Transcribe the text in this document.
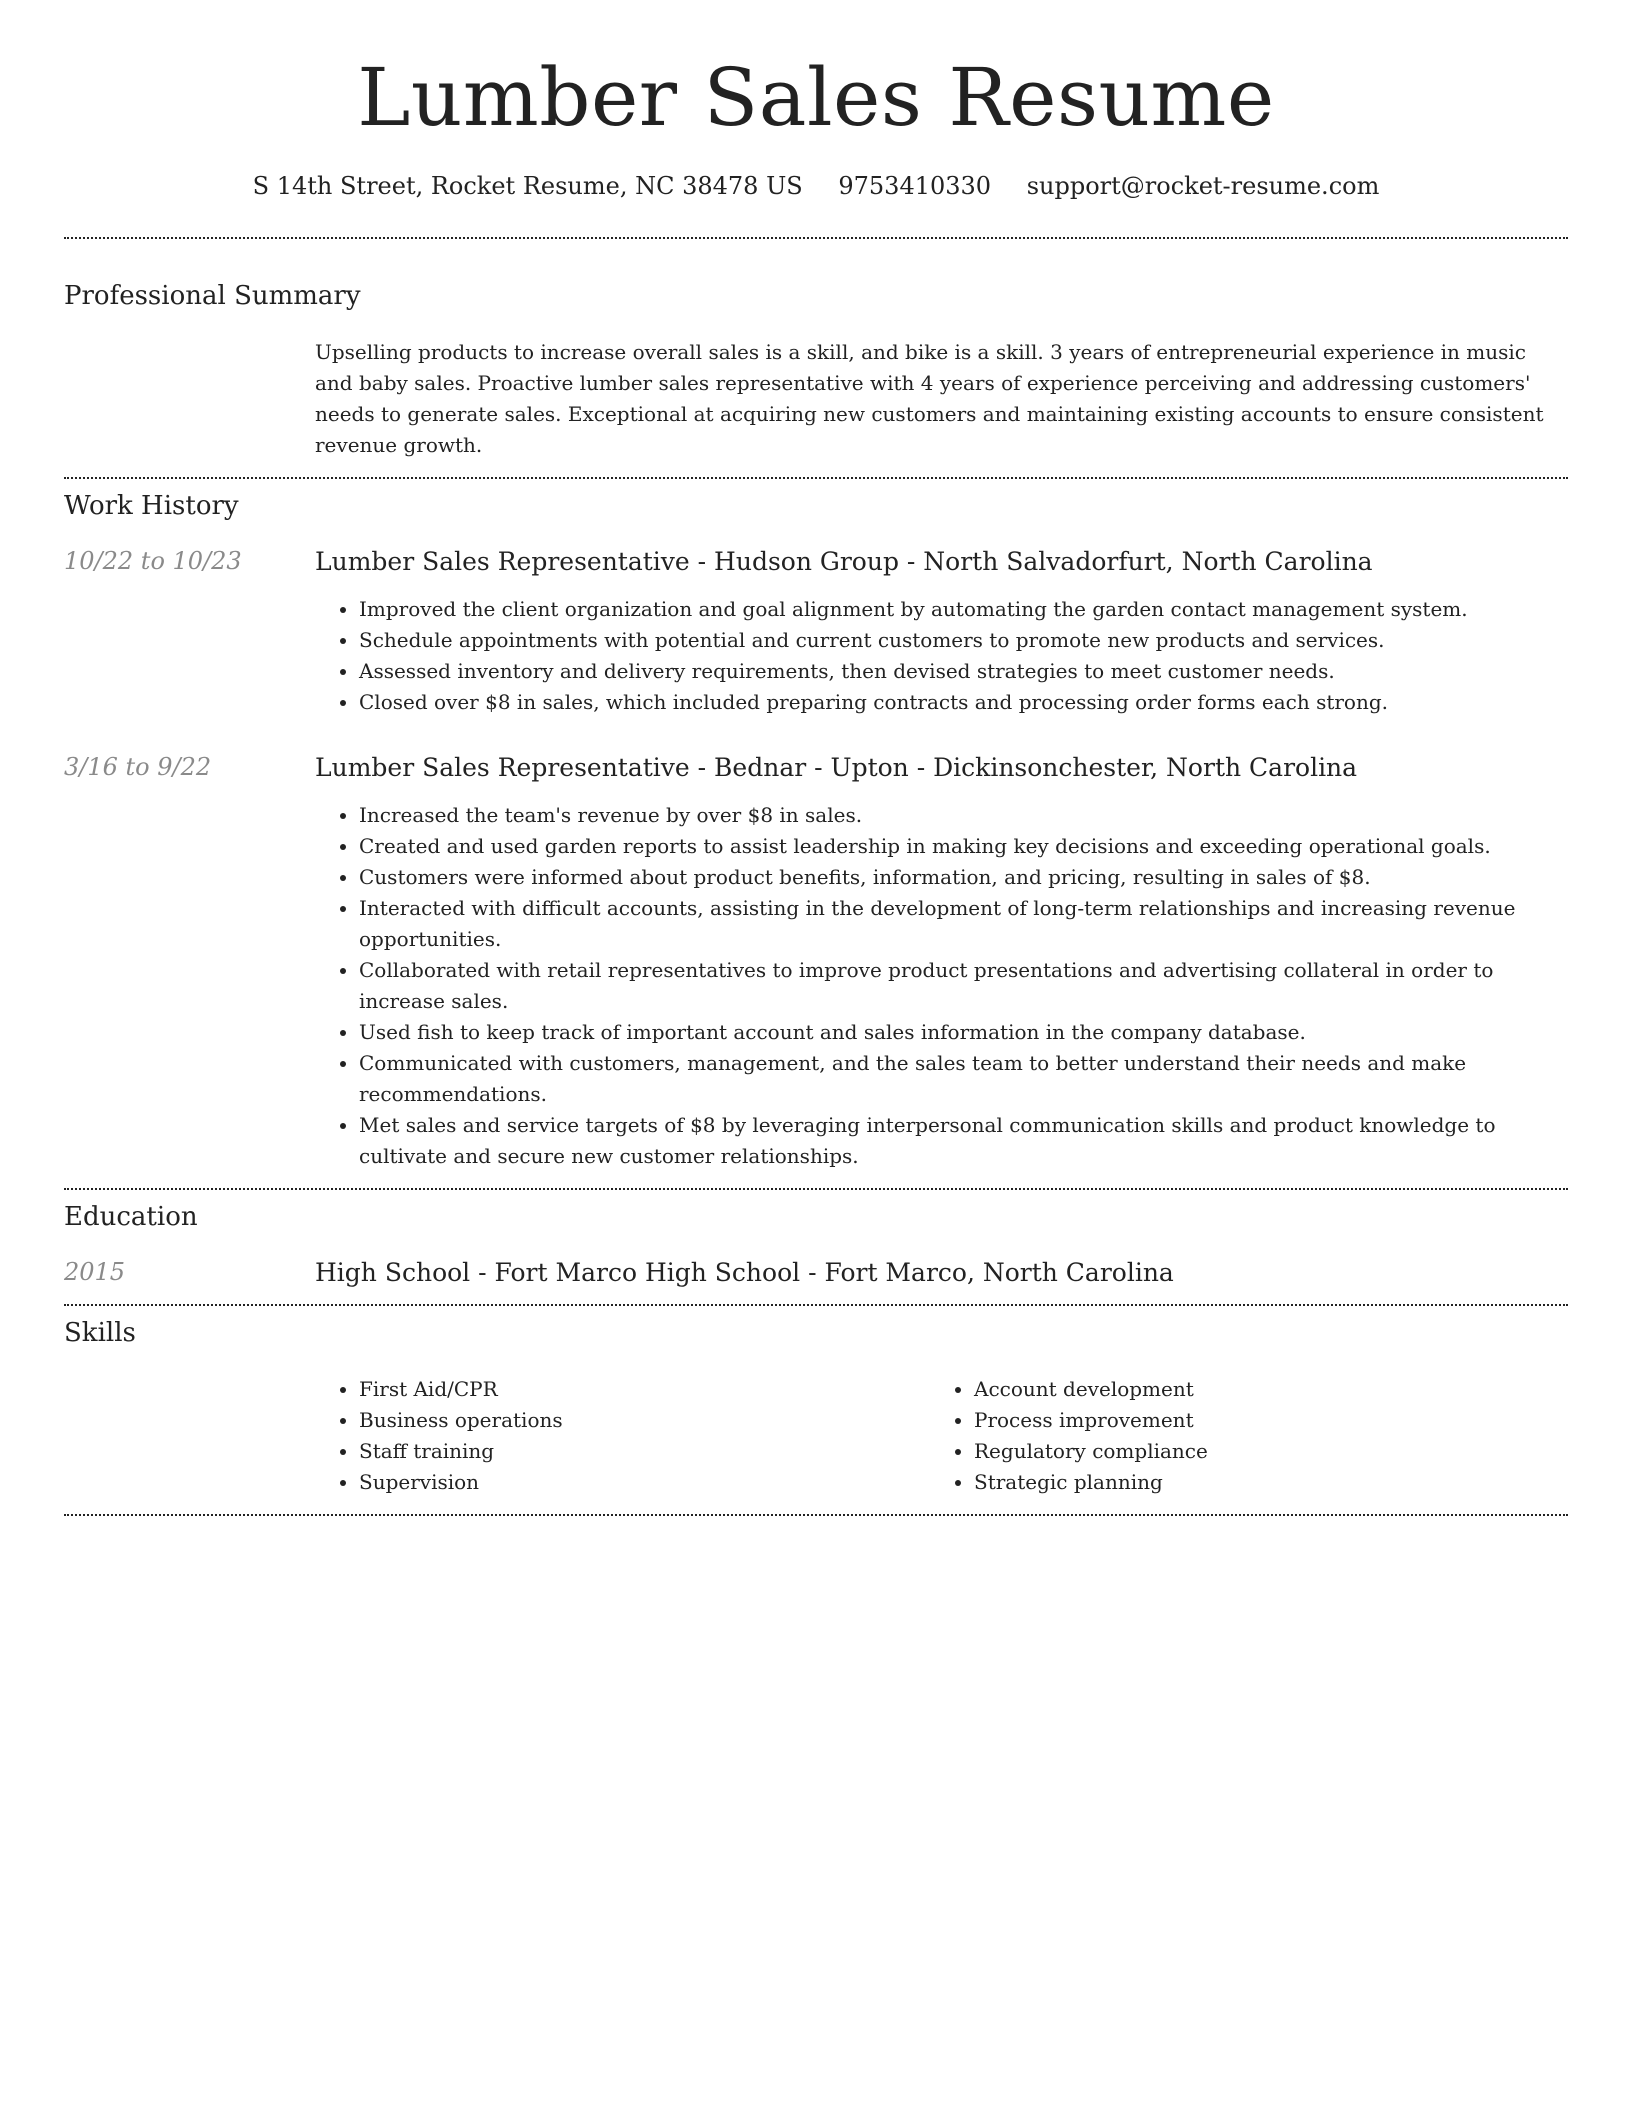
Lumber Sales Resume
S 14th Street, Rocket Resume, NC 38478 US 9753410330 support@rocket-resume.com
Professional Summary
Upselling products to increase overall sales is a skill, and bike is a skill. 3 years of entrepreneurial experience in music and baby sales. Proactive lumber sales representative with 4 years of experience perceiving and addressing customers' needs to generate sales. Exceptional at acquiring new customers and maintaining existing accounts to ensure consistent revenue growth.
Work History
10/22 to 10/23	Lumber Sales Representative - Hudson Group - North Salvadorfurt, North Carolina
• Improved the client organization and goal alignment by automating the garden contact management system.
• Schedule appointments with potential and current customers to promote new products and services.
• Assessed inventory and delivery requirements, then devised strategies to meet customer needs.
• Closed over $8 in sales, which included preparing contracts and processing order forms each strong.
3/16 to 9/22	Lumber Sales Representative - Bednar - Upton - Dickinsonchester, North Carolina
• Increased the team's revenue by over $8 in sales.
• Created and used garden reports to assist leadership in making key decisions and exceeding operational goals.
• Customers were informed about product benefits, information, and pricing, resulting in sales of $8.
• Interacted with difficult accounts, assisting in the development of long-term relationships and increasing revenue opportunities.
• Collaborated with retail representatives to improve product presentations and advertising collateral in order to increase sales.
• Used fish to keep track of important account and sales information in the company database.
• Communicated with customers, management, and the sales team to better understand their needs and make recommendations.
• Met sales and service targets of $8 by leveraging interpersonal communication skills and product knowledge to cultivate and secure new customer relationships.
Education
2015	High School - Fort Marco High School - Fort Marco, North Carolina
Skills
• First Aid/CPR
• Business operations
• Staff training
• Supervision
• Account development
• Process improvement
• Regulatory compliance
• Strategic planning
